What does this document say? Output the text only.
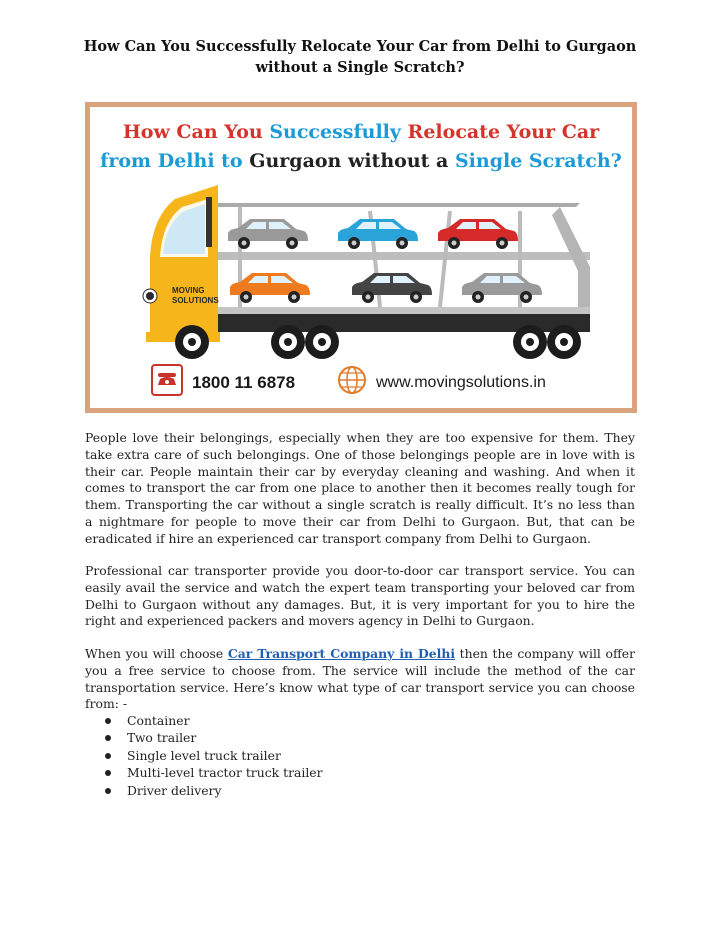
How Can You Successfully Relocate Your Car from Delhi to Gurgaon
without a Single Scratch?
How Can You Successfully Relocate Your Car
from Delhi to Gurgaon without a Single Scratch?
MOVING
SOLUTIONS
1800 11 6878	www.movingsolutions.in
People love their belongings, especially when they are too expensive for them. They take extra care of such belongings. One of those belongings people are in love with is their car. People maintain their car by everyday cleaning and washing. And when it comes to transport the car from one place to another then it becomes really tough for them. Transporting the car without a single scratch is really difficult. It’s no less than a nightmare for people to move their car from Delhi to Gurgaon. But, that can be eradicated if hire an experienced car transport company from Delhi to Gurgaon.
Professional car transporter provide you door-to-door car transport service. You can easily avail the service and watch the expert team transporting your beloved car from Delhi to Gurgaon without any damages. But, it is very important for you to hire the right and experienced packers and movers agency in Delhi to Gurgaon.
When you will choose Car Transport Company in Delhi then the company will offer you a free service to choose from. The service will include the method of the car transportation service. Here’s know what type of car transport service you can choose from: -
Container
Two trailer
Single level truck trailer
Multi-level tractor truck trailer
Driver delivery
